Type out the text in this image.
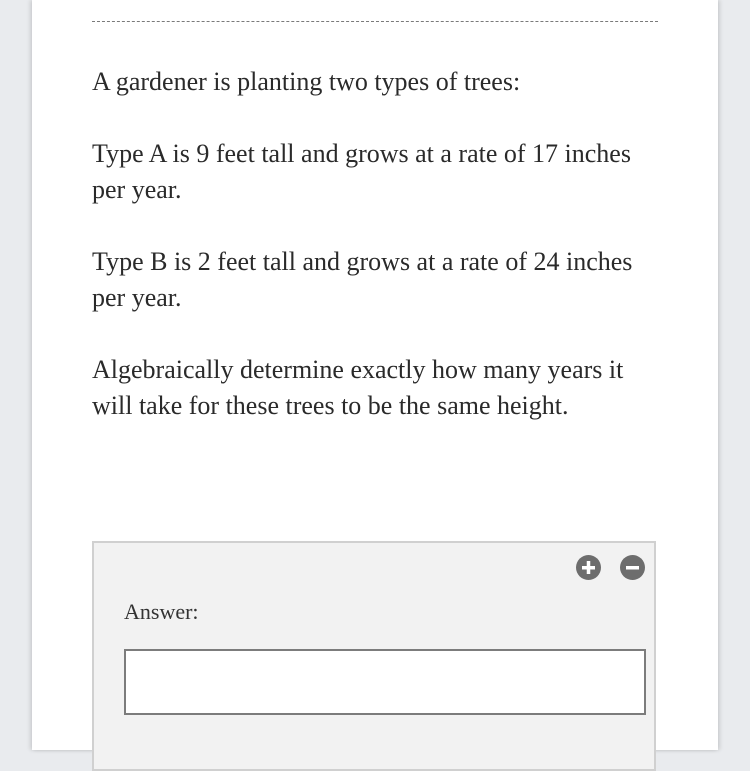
A gardener is planting two types of trees:

Type A is 9 feet tall and grows at a rate of 17 inches per year.

Type B is 2 feet tall and grows at a rate of 24 inches per year.

Algebraically determine exactly how many years it will take for these trees to be the same height.

Answer:
